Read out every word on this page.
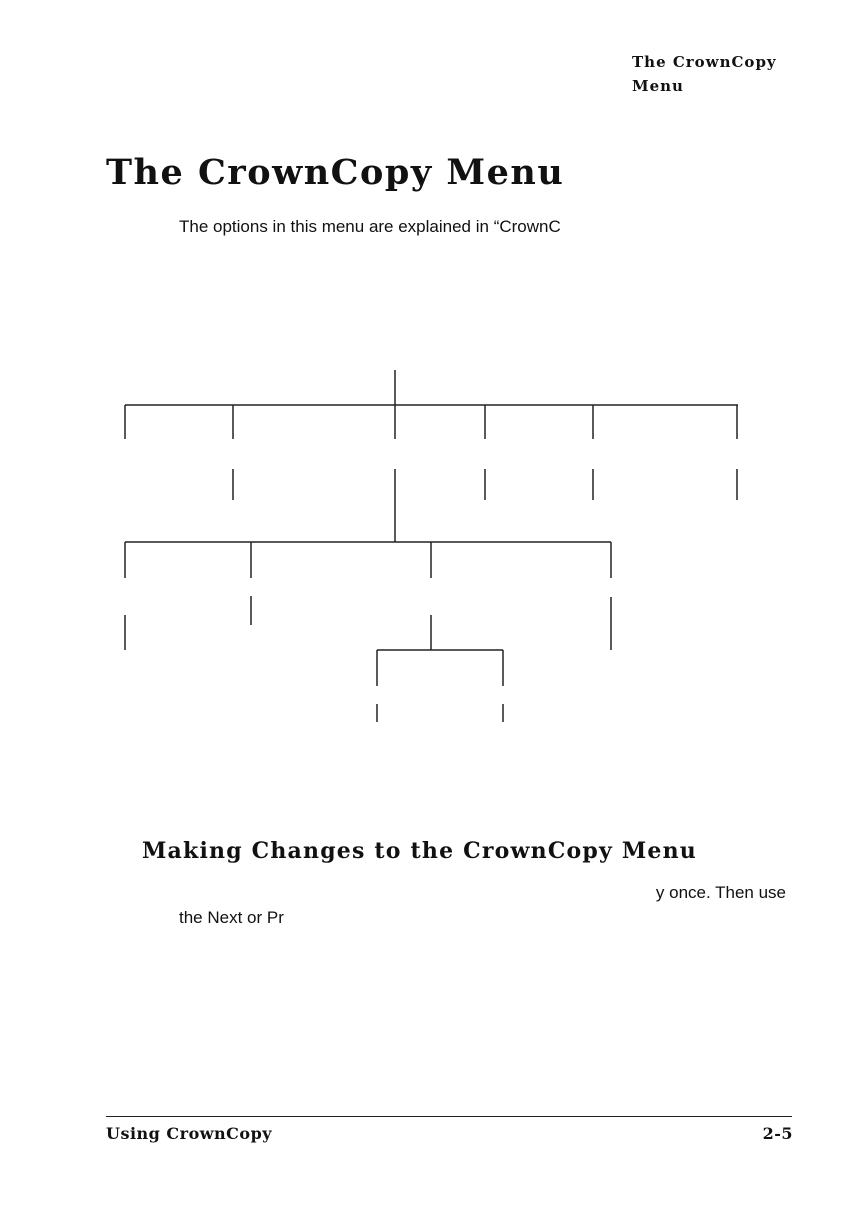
The CrownCopy
Menu
The CrownCopy Menu

The options in this menu are explained in “CrownC

Making Changes to the CrownCopy Menu

y once. Then use

the Next or Pr

Using CrownCopy	2-5
